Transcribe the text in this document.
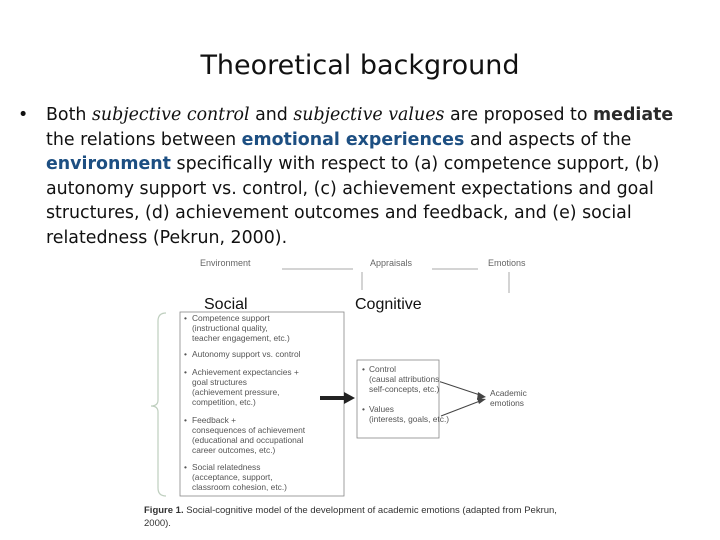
Theoretical background
• Both subjective control and subjective values are proposed to mediate the relations between emotional experiences and aspects of the environment specifically with respect to (a) competence support, (b) autonomy support vs. control, (c) achievement expectations and goal structures, (d) achievement outcomes and feedback, and (e) social relatedness (Pekrun, 2000).
Environment	Appraisals	Emotions
Social	Cognitive
• Competence support
(instructional quality,
teacher engagement, etc.)
• Autonomy support vs. control
• Achievement expectancies +
goal structures
(achievement pressure,
competition, etc.)
• Feedback +
consequences of achievement
(educational and occupational
career outcomes, etc.)
• Social relatedness
(acceptance, support,
classroom cohesion, etc.)
• Control
(causal attributions,
self-concepts, etc.)
• Values
(interests, goals, etc.)
Academic
emotions
Figure 1. Social-cognitive model of the development of academic emotions (adapted from Pekrun,
2000).
